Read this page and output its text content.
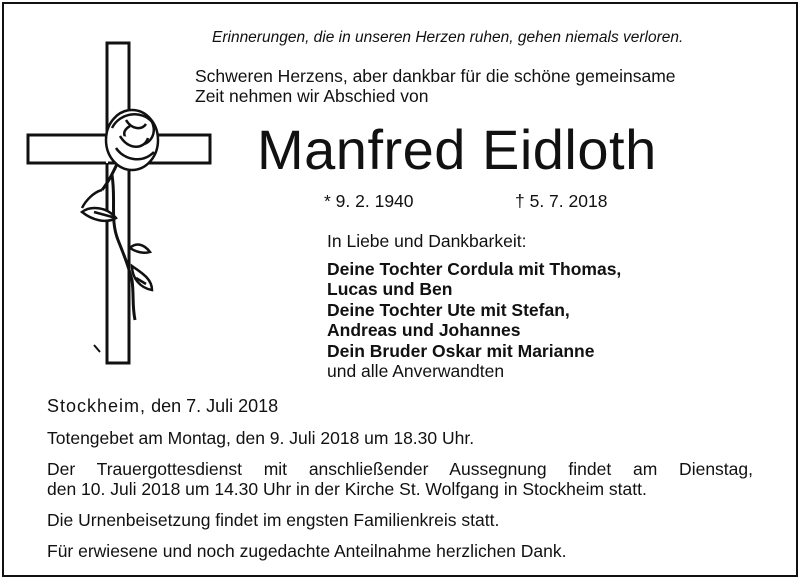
Erinnerungen, die in unseren Herzen ruhen, gehen niemals verloren.
Schweren Herzens, aber dankbar für die schöne gemeinsame
Zeit nehmen wir Abschied von
Manfred Eidloth
* 9. 2. 1940	† 5. 7. 2018
In Liebe und Dankbarkeit:
Deine Tochter Cordula mit Thomas,
Lucas und Ben
Deine Tochter Ute mit Stefan,
Andreas und Johannes
Dein Bruder Oskar mit Marianne
und alle Anverwandten
Stockheim, den 7. Juli 2018

Totengebet am Montag, den 9. Juli 2018 um 18.30 Uhr.

Der Trauergottesdienst mit anschließender Aussegnung findet am Dienstag,
den 10. Juli 2018 um 14.30 Uhr in der Kirche St. Wolfgang in Stockheim statt.

Die Urnenbeisetzung findet im engsten Familienkreis statt.

Für erwiesene und noch zugedachte Anteilnahme herzlichen Dank.
